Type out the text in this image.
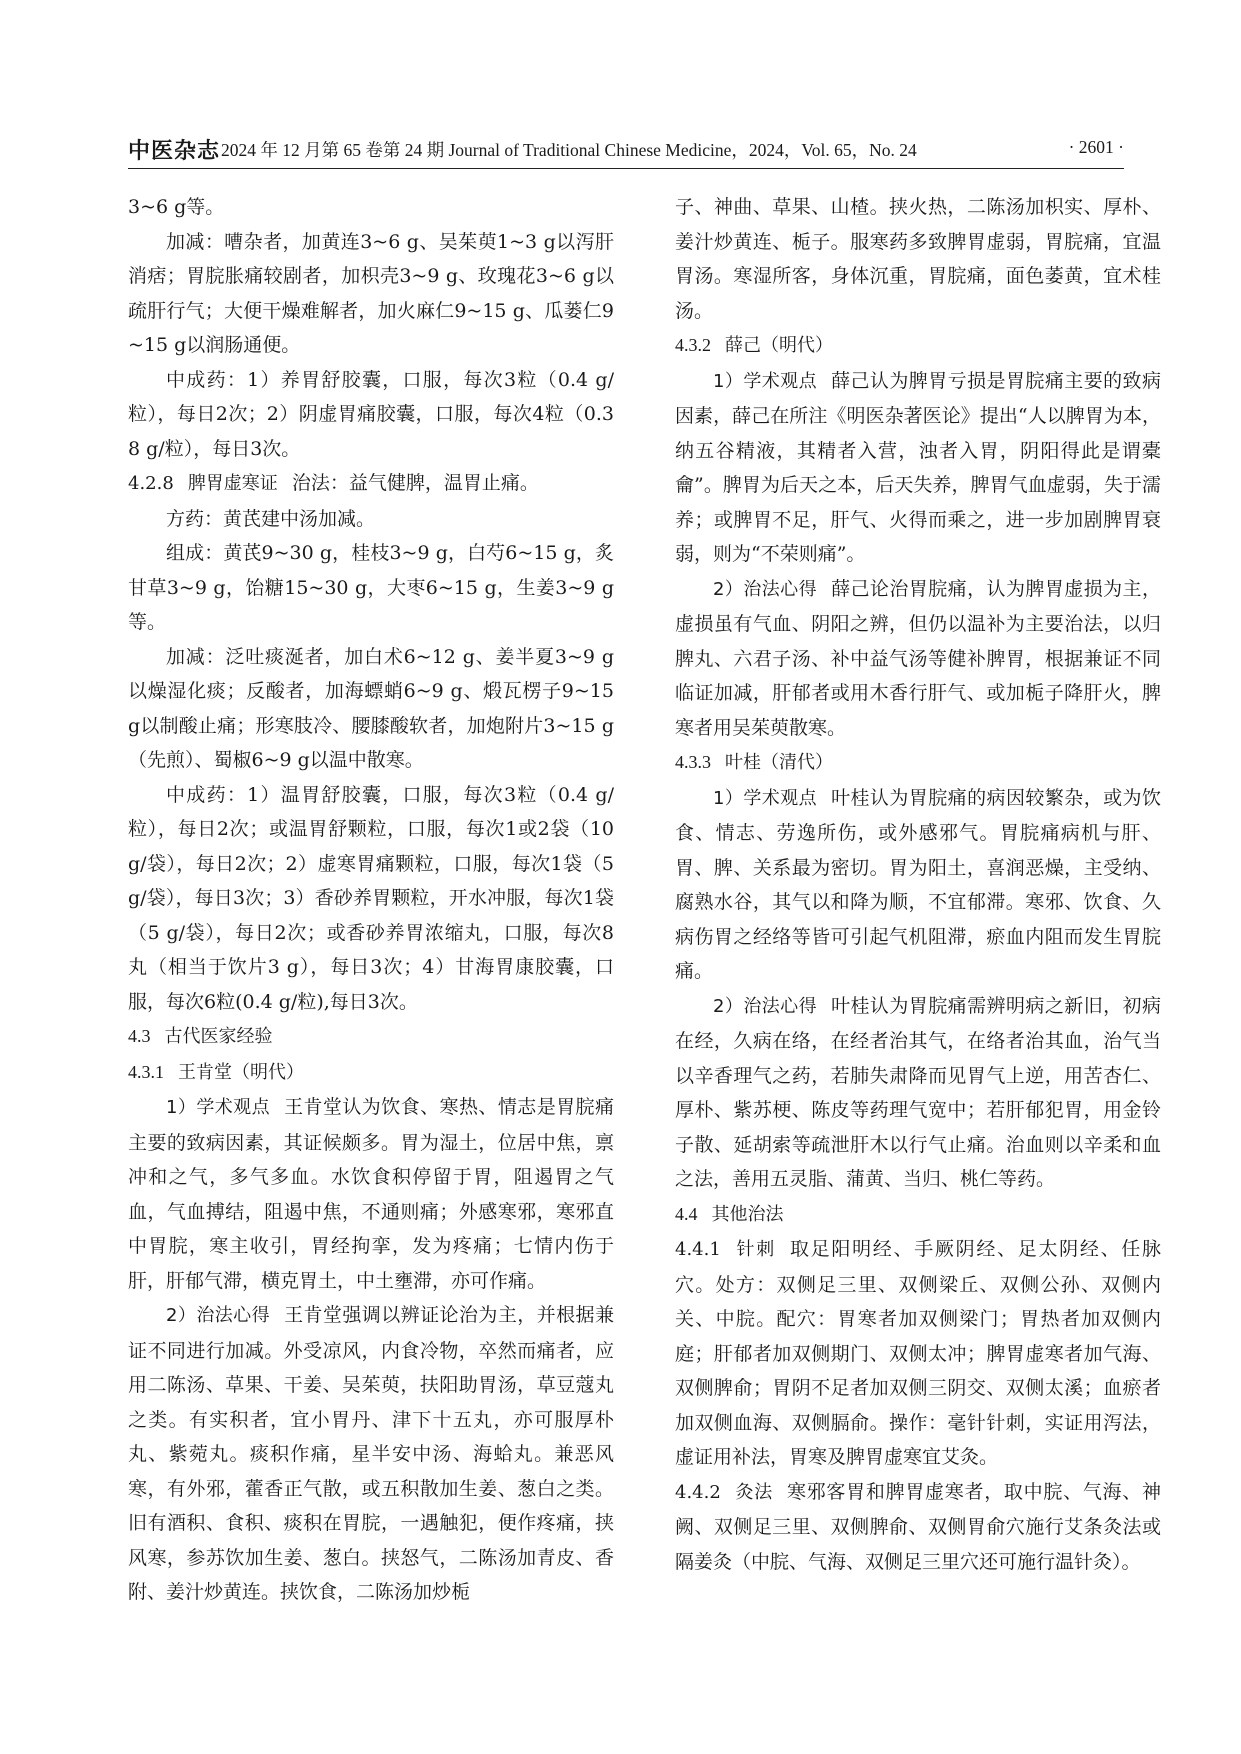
中医杂志 2024 年 12 月第 65 卷第 24 期 Journal of Traditional Chinese Medicine，2024，Vol. 65，No. 24	· 2601 ·

3~6 g等。

加减：嘈杂者，加黄连3~6 g、吴茱萸1~3 g以泻肝消痞；胃脘胀痛较剧者，加枳壳3~9 g、玫瑰花3~6 g以疏肝行气；大便干燥难解者，加火麻仁9~15 g、瓜蒌仁9~15 g以润肠通便。

中成药：1）养胃舒胶囊，口服，每次3粒（0.4 g/粒），每日2次；2）阴虚胃痛胶囊，口服，每次4粒（0.38 g/粒），每日3次。

4.2.8 脾胃虚寒证 治法：益气健脾，温胃止痛。

方药：黄芪建中汤加减。

组成：黄芪9~30 g，桂枝3~9 g，白芍6~15 g，炙甘草3~9 g，饴糖15~30 g，大枣6~15 g，生姜3~9 g等。

加减：泛吐痰涎者，加白术6~12 g、姜半夏3~9 g以燥湿化痰；反酸者，加海螵蛸6~9 g、煅瓦楞子9~15 g以制酸止痛；形寒肢冷、腰膝酸软者，加炮附片3~15 g（先煎）、蜀椒6~9 g以温中散寒。

中成药：1）温胃舒胶囊，口服，每次3粒（0.4 g/粒），每日2次；或温胃舒颗粒，口服，每次1或2袋（10 g/袋），每日2次；2）虚寒胃痛颗粒，口服，每次1袋（5 g/袋），每日3次；3）香砂养胃颗粒，开水冲服，每次1袋（5 g/袋），每日2次；或香砂养胃浓缩丸，口服，每次8丸（相当于饮片3 g），每日3次；4）甘海胃康胶囊，口服，每次6粒(0.4 g/粒),每日3次。

4.3 古代医家经验

4.3.1 王肯堂（明代）

1）学术观点 王肯堂认为饮食、寒热、情志是胃脘痛主要的致病因素，其证候颇多。胃为湿土，位居中焦，禀冲和之气，多气多血。水饮食积停留于胃，阻遏胃之气血，气血搏结，阻遏中焦，不通则痛；外感寒邪，寒邪直中胃脘，寒主收引，胃经拘挛，发为疼痛；七情内伤于肝，肝郁气滞，横克胃土，中土壅滞，亦可作痛。

2）治法心得 王肯堂强调以辨证论治为主，并根据兼证不同进行加减。外受凉风，内食冷物，卒然而痛者，应用二陈汤、草果、干姜、吴茱萸，扶阳助胃汤，草豆蔻丸之类。有实积者，宜小胃丹、津下十五丸，亦可服厚朴丸、紫菀丸。痰积作痛，星半安中汤、海蛤丸。兼恶风寒，有外邪，藿香正气散，或五积散加生姜、葱白之类。旧有酒积、食积、痰积在胃脘，一遇触犯，便作疼痛，挟风寒，参苏饮加生姜、葱白。挟怒气，二陈汤加青皮、香附、姜汁炒黄连。挟饮食，二陈汤加炒栀

子、神曲、草果、山楂。挟火热，二陈汤加枳实、厚朴、姜汁炒黄连、栀子。服寒药多致脾胃虚弱，胃脘痛，宜温胃汤。寒湿所客，身体沉重，胃脘痛，面色萎黄，宜术桂汤。

4.3.2 薛己（明代）

1）学术观点 薛己认为脾胃亏损是胃脘痛主要的致病因素，薛己在所注《明医杂著医论》提出“人以脾胃为本，纳五谷精液，其精者入营，浊者入胃，阴阳得此是谓橐龠”。脾胃为后天之本，后天失养，脾胃气血虚弱，失于濡养；或脾胃不足，肝气、火得而乘之，进一步加剧脾胃衰弱，则为“不荣则痛”。

2）治法心得 薛己论治胃脘痛，认为脾胃虚损为主，虚损虽有气血、阴阳之辨，但仍以温补为主要治法，以归脾丸、六君子汤、补中益气汤等健补脾胃，根据兼证不同临证加减，肝郁者或用木香行肝气、或加栀子降肝火，脾寒者用吴茱萸散寒。

4.3.3 叶桂（清代）

1）学术观点 叶桂认为胃脘痛的病因较繁杂，或为饮食、情志、劳逸所伤，或外感邪气。胃脘痛病机与肝、胃、脾、关系最为密切。胃为阳土，喜润恶燥，主受纳、腐熟水谷，其气以和降为顺，不宜郁滞。寒邪、饮食、久病伤胃之经络等皆可引起气机阻滞，瘀血内阻而发生胃脘痛。

2）治法心得 叶桂认为胃脘痛需辨明病之新旧，初病在经，久病在络，在经者治其气，在络者治其血，治气当以辛香理气之药，若肺失肃降而见胃气上逆，用苦杏仁、厚朴、紫苏梗、陈皮等药理气宽中；若肝郁犯胃，用金铃子散、延胡索等疏泄肝木以行气止痛。治血则以辛柔和血之法，善用五灵脂、蒲黄、当归、桃仁等药。

4.4 其他治法

4.4.1 针刺 取足阳明经、手厥阴经、足太阴经、任脉穴。处方：双侧足三里、双侧梁丘、双侧公孙、双侧内关、中脘。配穴：胃寒者加双侧梁门；胃热者加双侧内庭；肝郁者加双侧期门、双侧太冲；脾胃虚寒者加气海、双侧脾俞；胃阴不足者加双侧三阴交、双侧太溪；血瘀者加双侧血海、双侧膈俞。操作：毫针针刺，实证用泻法，虚证用补法，胃寒及脾胃虚寒宜艾灸。

4.4.2 灸法 寒邪客胃和脾胃虚寒者，取中脘、气海、神阙、双侧足三里、双侧脾俞、双侧胃俞穴施行艾条灸法或隔姜灸（中脘、气海、双侧足三里穴还可施行温针灸）。
